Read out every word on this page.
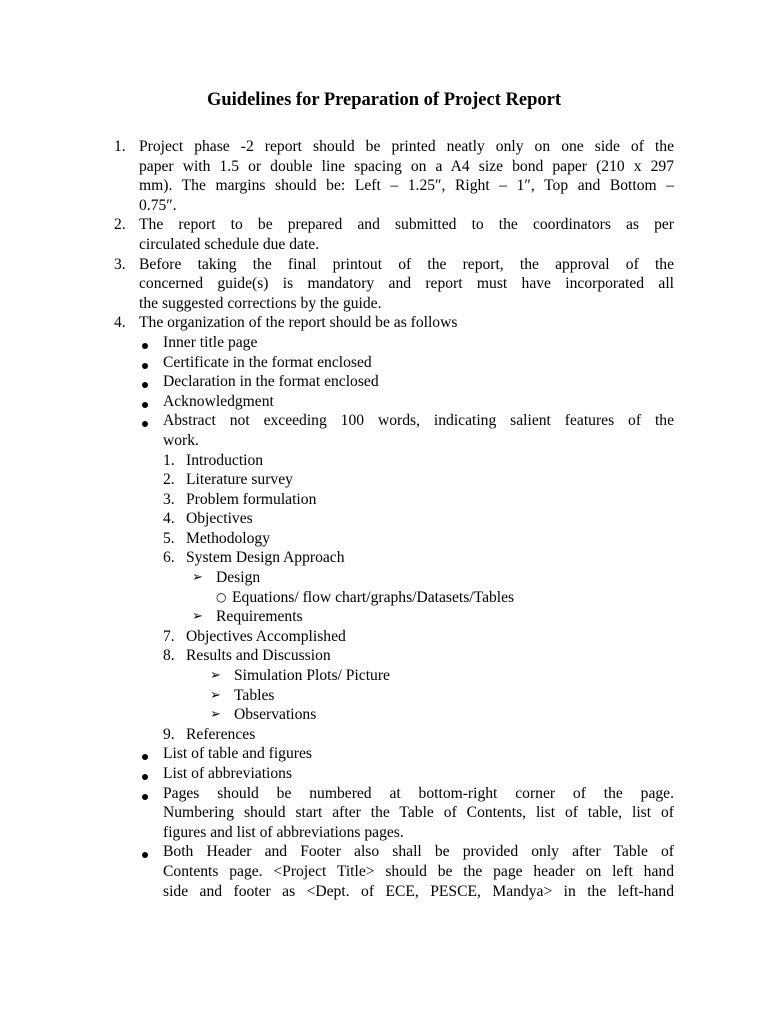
Guidelines for Preparation of Project Report
1. Project phase -2 report should be printed neatly only on one side of the
paper with 1.5 or double line spacing on a A4 size bond paper (210 x 297
mm). The margins should be: Left – 1.25″, Right – 1″, Top and Bottom –
0.75″.
2. The report to be prepared and submitted to the coordinators as per
circulated schedule due date.
3. Before taking the final printout of the report, the approval of the
concerned guide(s) is mandatory and report must have incorporated all
the suggested corrections by the guide.
4. The organization of the report should be as follows
Inner title page
Certificate in the format enclosed
Declaration in the format enclosed
Acknowledgment
Abstract not exceeding 100 words, indicating salient features of the
work.
1. Introduction
2. Literature survey
3. Problem formulation
4. Objectives
5. Methodology
6. System Design Approach
➢ Design
○ Equations/ flow chart/graphs/Datasets/Tables
➢ Requirements
7. Objectives Accomplished
8. Results and Discussion
➢ Simulation Plots/ Picture
➢ Tables
➢ Observations
9. References
List of table and figures
List of abbreviations
Pages should be numbered at bottom-right corner of the page.
Numbering should start after the Table of Contents, list of table, list of
figures and list of abbreviations pages.
Both Header and Footer also shall be provided only after Table of
Contents page. <Project Title> should be the page header on left hand
side and footer as <Dept. of ECE, PESCE, Mandya> in the left-hand
